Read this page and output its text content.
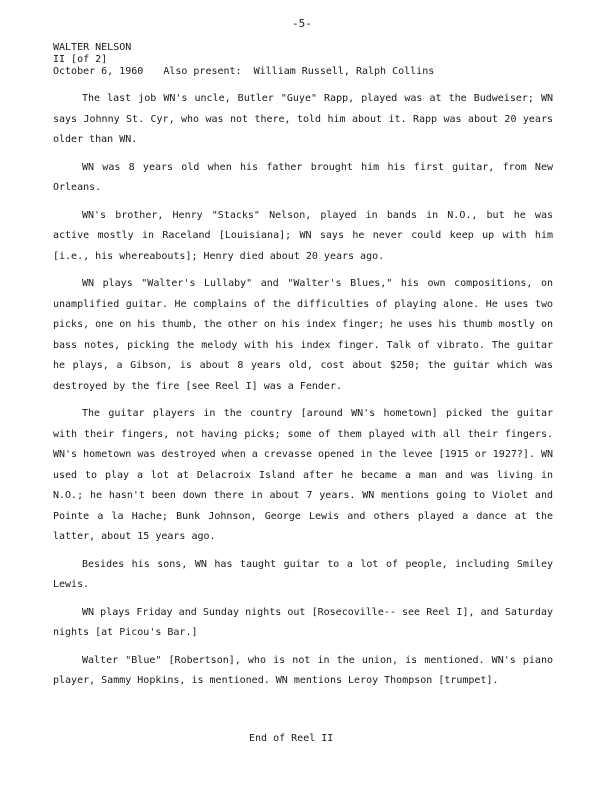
-5-
WALTER NELSON
II [of 2]
October 6, 1960 Also present:  William Russell, Ralph Collins

The last job WN's uncle, Butler "Guye" Rapp, played was at the Budweiser; WN says Johnny St. Cyr, who was not there, told him about it. Rapp was about 20 years older than WN.

WN was 8 years old when his father brought him his first guitar, from New Orleans.

WN's brother, Henry "Stacks" Nelson, played in bands in N.O., but he was active mostly in Raceland [Louisiana]; WN says he never could keep up with him [i.e., his whereabouts]; Henry died about 20 years ago.

WN plays "Walter's Lullaby" and "Walter's Blues," his own compositions, on unamplified guitar. He complains of the difficulties of playing alone. He uses two picks, one on his thumb, the other on his index finger; he uses his thumb mostly on bass notes, picking the melody with his index finger. Talk of vibrato. The guitar he plays, a Gibson, is about 8 years old, cost about $250; the guitar which was destroyed by the fire [see Reel I] was a Fender.

The guitar players in the country [around WN's hometown] picked the guitar with their fingers, not having picks; some of them played with all their fingers. WN's hometown was destroyed when a crevasse opened in the levee [1915 or 1927?]. WN used to play a lot at Delacroix Island after he became a man and was living in N.O.; he hasn't been down there in about 7 years. WN mentions going to Violet and Pointe a la Hache; Bunk Johnson, George Lewis and others played a dance at the latter, about 15 years ago.

Besides his sons, WN has taught guitar to a lot of people, including Smiley Lewis.

WN plays Friday and Sunday nights out [Rosecoville-- see Reel I], and Saturday nights [at Picou's Bar.]

Walter "Blue" [Robertson], who is not in the union, is mentioned. WN's piano player, Sammy Hopkins, is mentioned. WN mentions Leroy Thompson [trumpet].

End of Reel II
